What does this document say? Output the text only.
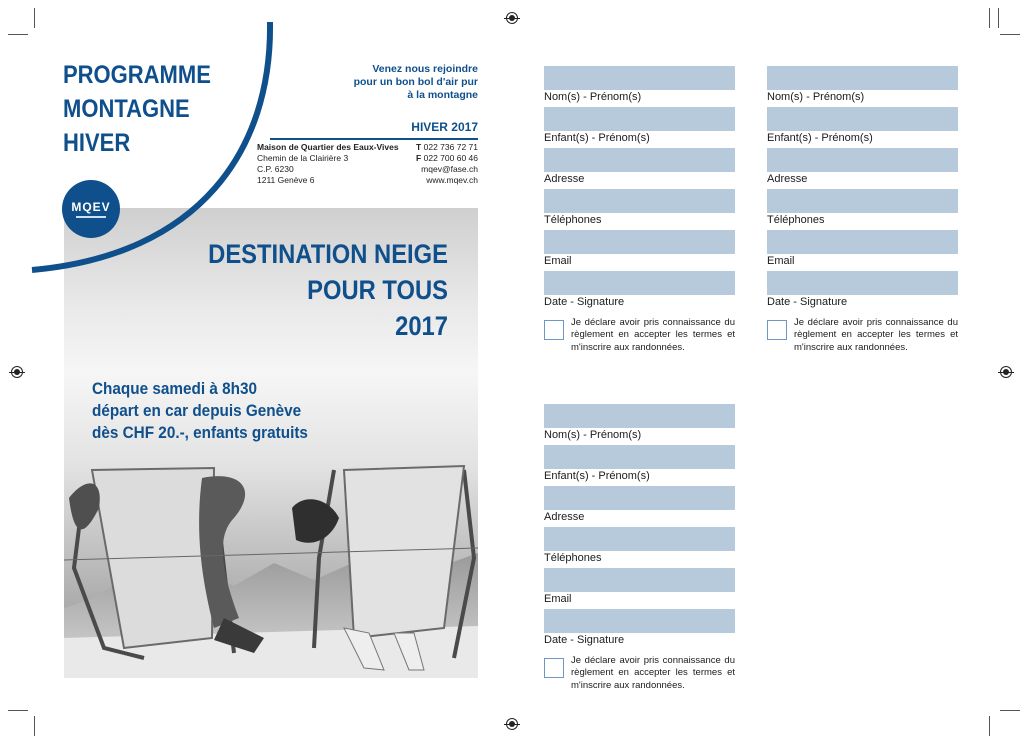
DESTINATION NEIGE
POUR TOUS
2017
Chaque samedi à 8h30
départ en car depuis Genève
dès CHF 20.-, enfants gratuits
PROGRAMME
MONTAGNE
HIVER
MQEV
Venez nous rejoindre
pour un bon bol d'air pur
à la montagne
HIVER 2017
Maison de Quartier des Eaux-Vives
Chemin de la Clairière 3
C.P. 6230
1211 Genève 6
T 022 736 72 71
F 022 700 60 46
mqev@fase.ch
www.mqev.ch
Nom(s) - Prénom(s)
Enfant(s) - Prénom(s)
Adresse
Téléphones
Email
Date - Signature
Je déclare avoir pris connaissance du règlement en accepter les termes et m'inscrire aux randonnées.
Nom(s) - Prénom(s)
Enfant(s) - Prénom(s)
Adresse
Téléphones
Email
Date - Signature
Je déclare avoir pris connaissance du règlement en accepter les termes et m'inscrire aux randonnées.
Nom(s) - Prénom(s)
Enfant(s) - Prénom(s)
Adresse
Téléphones
Email
Date - Signature
Je déclare avoir pris connaissance du règlement en accepter les termes et m'inscrire aux randonnées.
